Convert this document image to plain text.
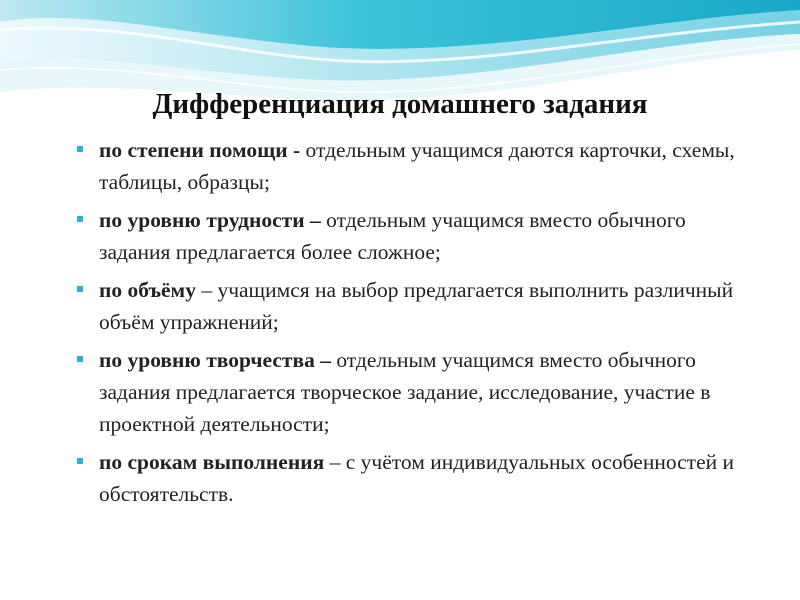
Дифференциация домашнего задания
по степени помощи - отдельным учащимся даются карточки, схемы, таблицы, образцы;
по уровню трудности – отдельным учащимся вместо обычного задания предлагается более сложное;
по объёму – учащимся на выбор предлагается выполнить различный объём упражнений;
по уровню творчества – отдельным учащимся вместо обычного задания предлагается творческое задание, исследование, участие в проектной деятельности;
по срокам выполнения – с учётом индивидуальных особенностей и обстоятельств.
